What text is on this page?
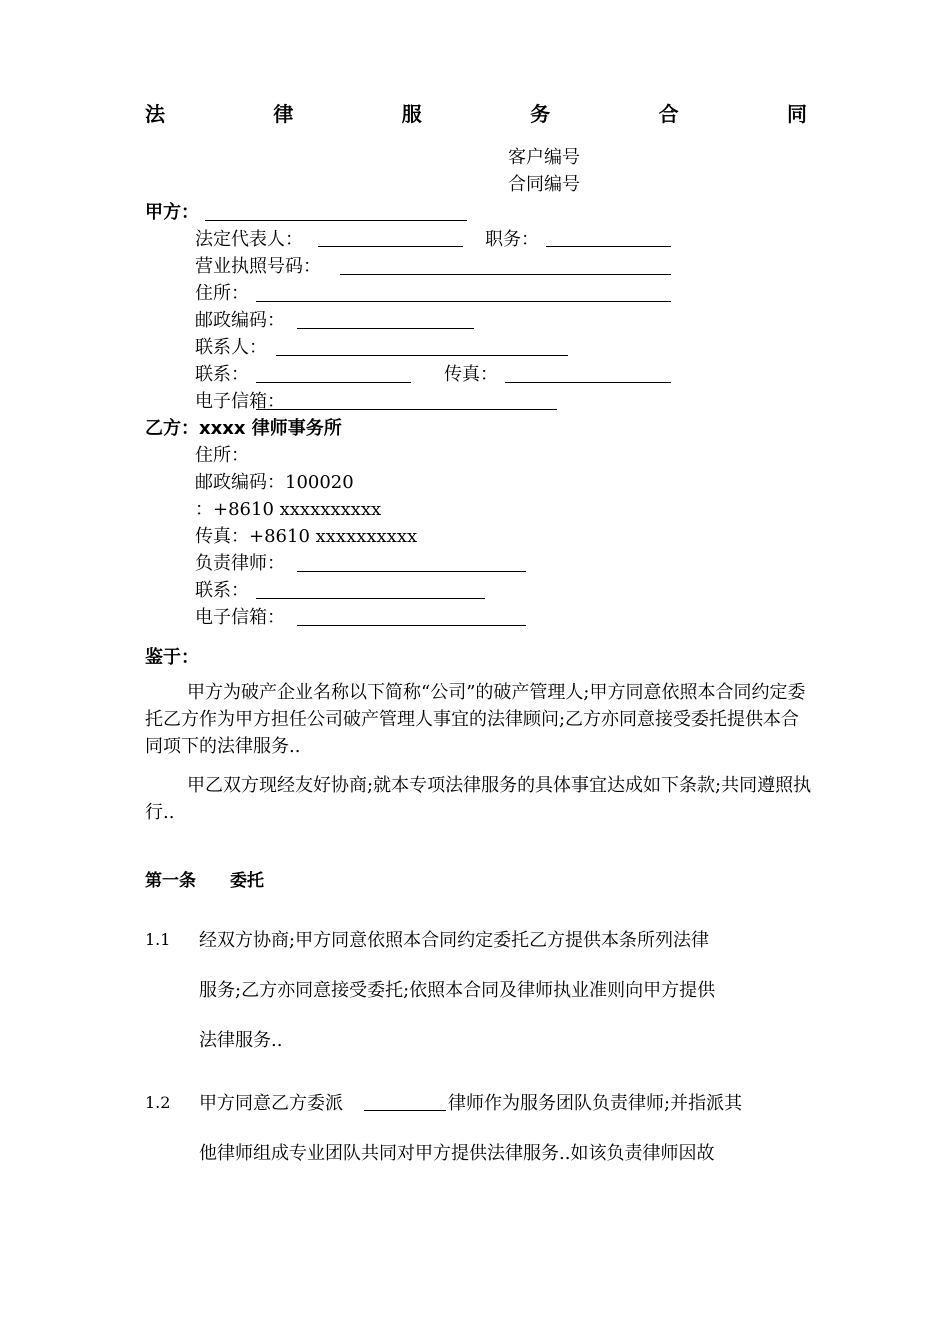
法	律	服	务	合	同
客户编号
合同编号
甲方：
法定代表人：	职务：
营业执照号码：
住所：
邮政编码：
联系人：
联系：	传真：
电子信箱：
乙方：xxxx 律师事务所
住所：
邮政编码：100020
：+8610 xxxxxxxxxx
传真：+8610 xxxxxxxxxx
负责律师：
联系：
电子信箱：
鉴于：
甲方为破产企业名称以下简称“公司”的破产管理人;甲方同意依照本合同约定委托乙方作为甲方担任公司破产管理人事宜的法律顾问;乙方亦同意接受委托提供本合同项下的法律服务..
甲乙双方现经友好协商;就本专项法律服务的具体事宜达成如下条款;共同遵照执行..
第一条 委托
1.1 经双方协商;甲方同意依照本合同约定委托乙方提供本条所列法律
服务;乙方亦同意接受委托;依照本合同及律师执业准则向甲方提供
法律服务..
1.2 甲方同意乙方委派	律师作为服务团队负责律师;并指派其
他律师组成专业团队共同对甲方提供法律服务..如该负责律师因故
